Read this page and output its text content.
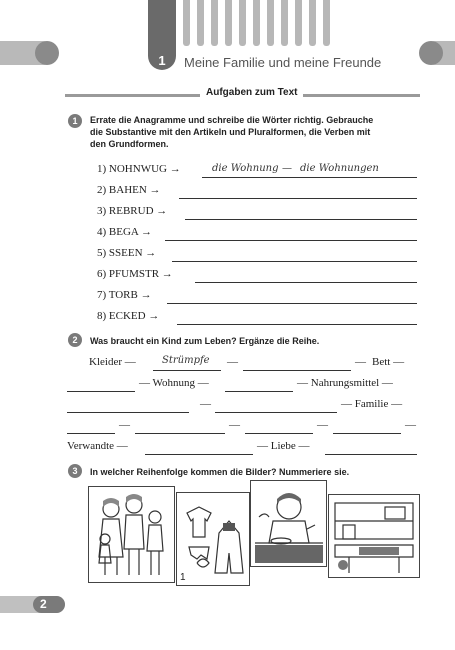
1	Meine Familie und meine Freunde
Aufgaben zum Text
1	Errate die Anagramme und schreibe die Wörter richtig. Gebrauche
die Substantive mit den Artikeln und Pluralformen, die Verben mit
den Grundformen.
1) NOHNWUG →	die Wohnung — die Wohnungen
2) BAHEN →
3) REBRUD →
4) BEGA →
5) SSEEN →
6) PFUMSTR →
7) TORB →
8) ECKED →
2	Was braucht ein Kind zum Leben? Ergänze die Reihe.
Kleider —	Strümpfe —	— Bett —
— Wohnung —	— Nahrungsmittel —
—	— Familie —
—	—	—	—
Verwandte —	— Liebe —
3	In welcher Reihenfolge kommen die Bilder? Nummeriere sie.
1
2
